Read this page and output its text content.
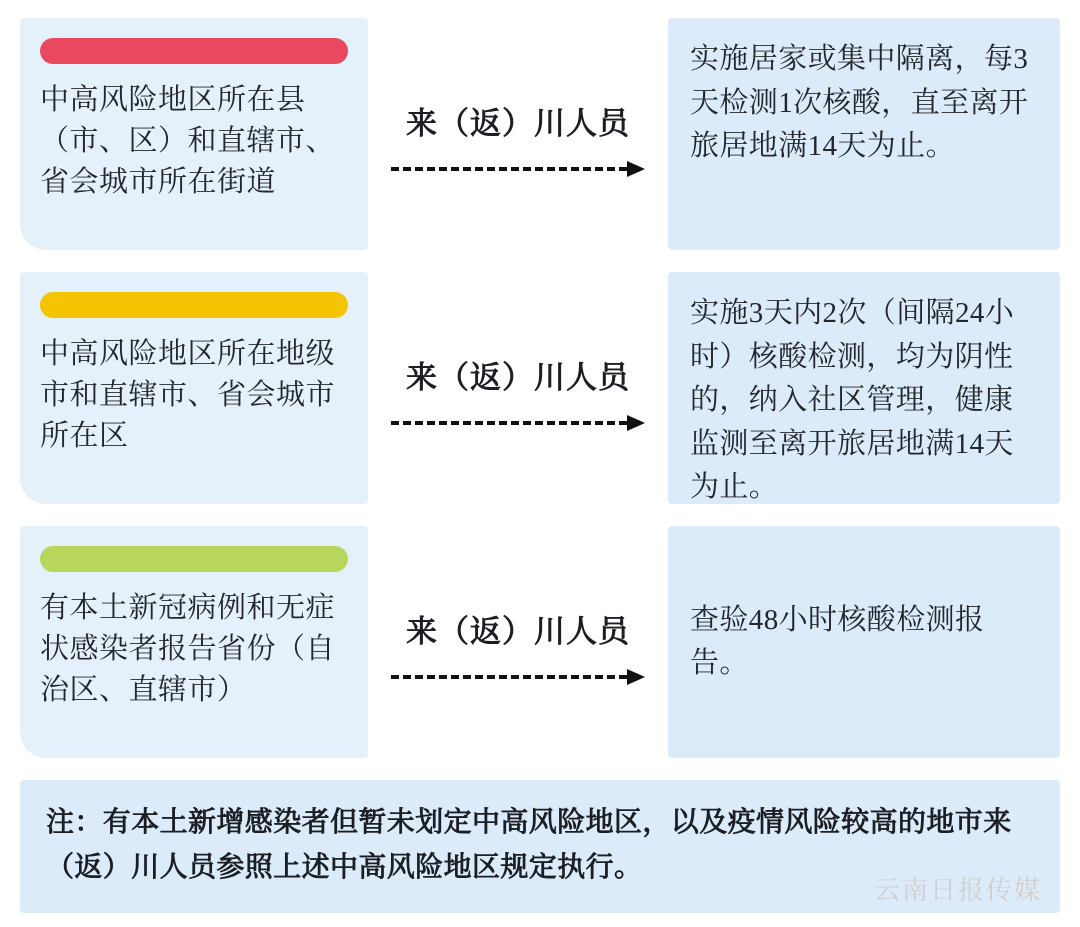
中高风险地区所在县（市、区）和直辖市、省会城市所在街道
来（返）川人员
实施居家或集中隔离，每3天检测1次核酸，直至离开旅居地满14天为止。
中高风险地区所在地级市和直辖市、省会城市所在区
来（返）川人员
实施3天内2次（间隔24小时）核酸检测，均为阴性的，纳入社区管理，健康监测至离开旅居地满14天为止。
有本土新冠病例和无症状感染者报告省份（自治区、直辖市）
来（返）川人员 查验48小时核酸检测报告。
注：有本土新增感染者但暂未划定中高风险地区，以及疫情风险较高的地市来（返）川人员参照上述中高风险地区规定执行。
云南日报传媒
